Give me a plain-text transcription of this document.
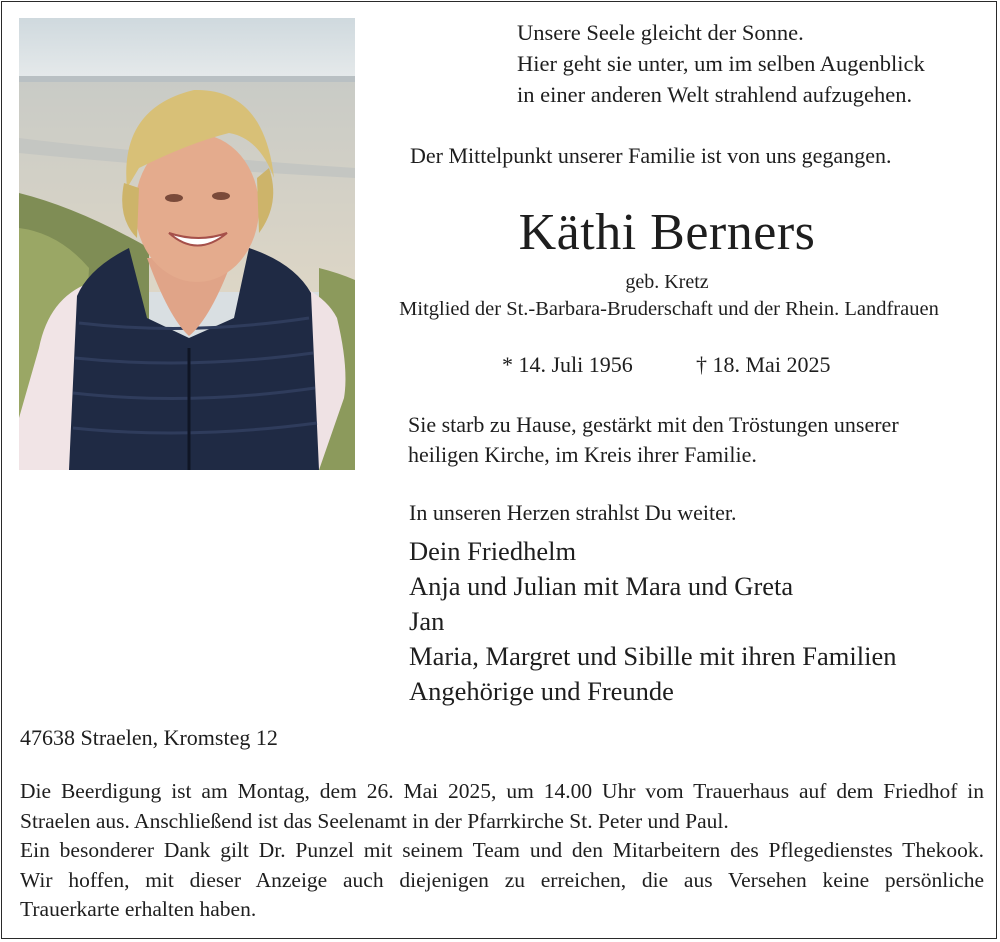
Unsere Seele gleicht der Sonne.
Hier geht sie unter, um im selben Augenblick
in einer anderen Welt strahlend aufzugehen.
Der Mittelpunkt unserer Familie ist von uns gegangen.
Käthi Berners
geb. Kretz
Mitglied der St.-Barbara-Bruderschaft und der Rhein. Landfrauen
* 14. Juli 1956	† 18. Mai 2025
Sie starb zu Hause, gestärkt mit den Tröstungen unserer
heiligen Kirche, im Kreis ihrer Familie.
In unseren Herzen strahlst Du weiter.
Dein Friedhelm
Anja und Julian mit Mara und Greta
Jan
Maria, Margret und Sibille mit ihren Familien
Angehörige und Freunde
47638 Straelen, Kromsteg 12

Die Beerdigung ist am Montag, dem 26. Mai 2025, um 14.00 Uhr vom Trauerhaus auf dem Friedhof in

Straelen aus. Anschließend ist das Seelenamt in der Pfarrkirche St. Peter und Paul.

Ein besonderer Dank gilt Dr. Punzel mit seinem Team und den Mitarbeitern des Pflegedienstes Thekook.

Wir hoffen, mit dieser Anzeige auch diejenigen zu erreichen, die aus Versehen keine persönliche

Trauerkarte erhalten haben.
